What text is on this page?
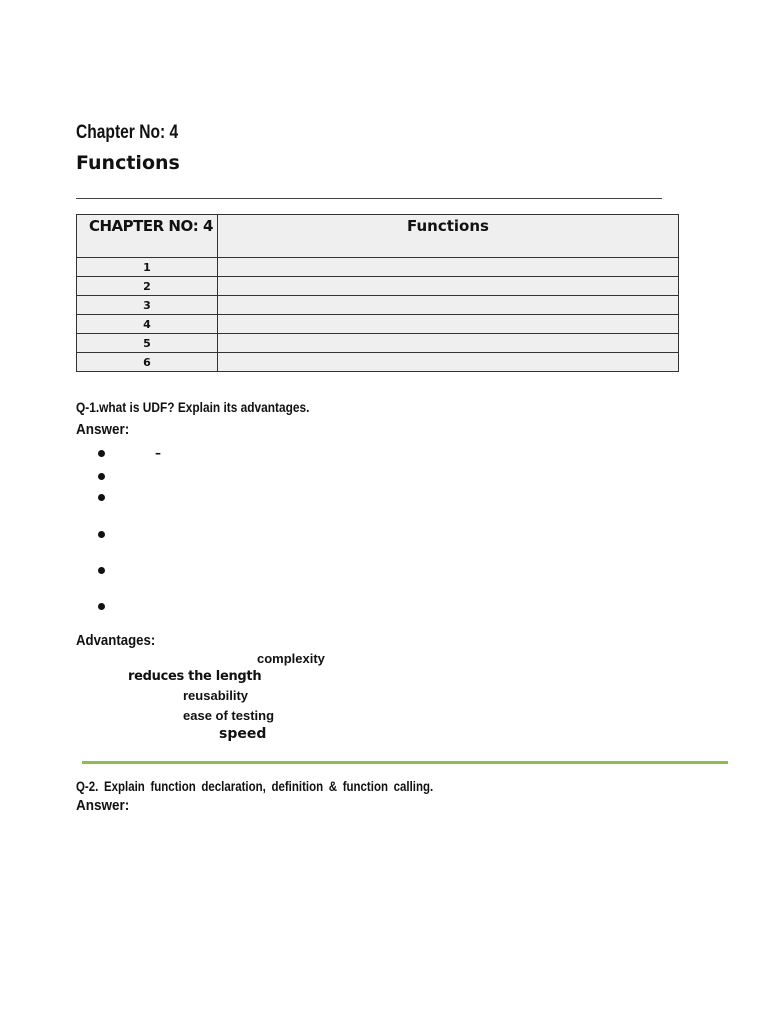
Chapter No: 4
Functions
CHAPTER NO: 4	Functions
1	
2	
3	
4	
5	
6	
Q-1.what is UDF? Explain its advantages.
Answer:
–
Advantages:
complexity
reduces the length
reusability
ease of testing
speed
Q-2. Explain function declaration, definition & function calling.
Answer:
